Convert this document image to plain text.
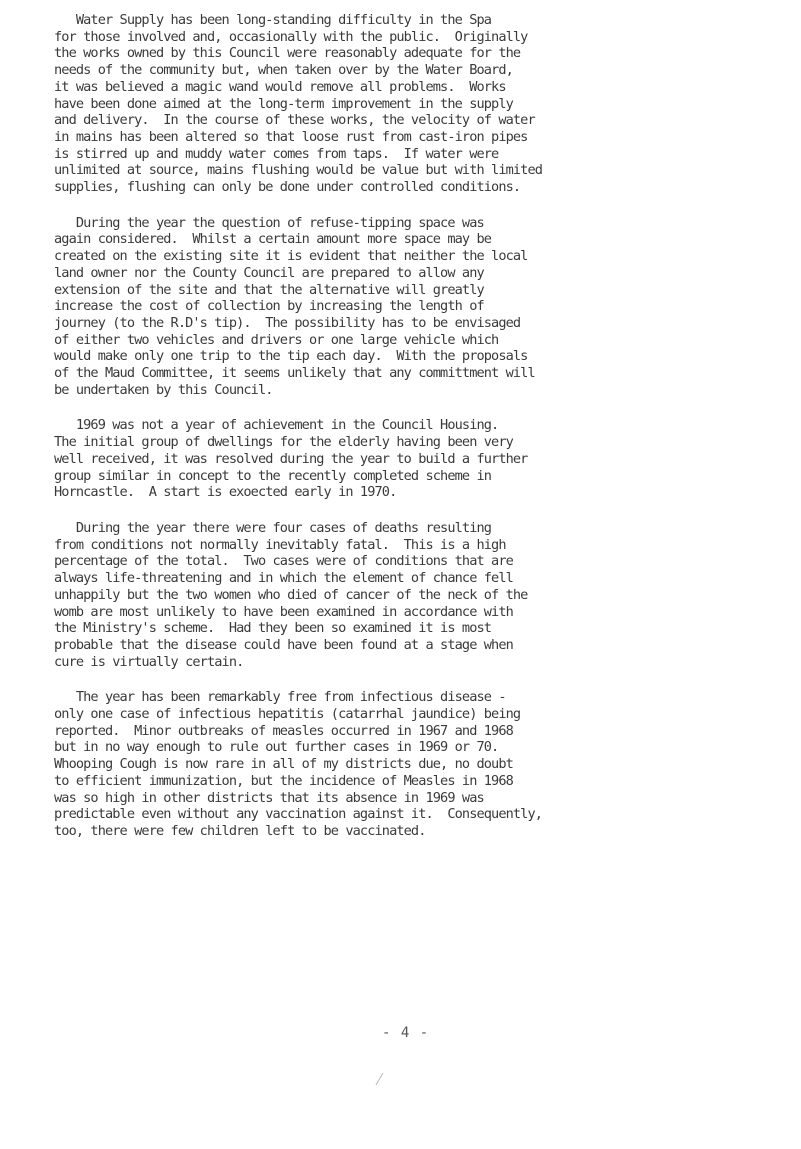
Water Supply has been long-standing difficulty in the Spa
for those involved and, occasionally with the public.  Originally
the works owned by this Council were reasonably adequate for the
needs of the community but, when taken over by the Water Board,
it was believed a magic wand would remove all problems.  Works
have been done aimed at the long-term improvement in the supply
and delivery.  In the course of these works, the velocity of water
in mains has been altered so that loose rust from cast-iron pipes
is stirred up and muddy water comes from taps.  If water were
unlimited at source, mains flushing would be value but with limited
supplies, flushing can only be done under controlled conditions.

During the year the question of refuse-tipping space was
again considered.  Whilst a certain amount more space may be
created on the existing site it is evident that neither the local
land owner nor the County Council are prepared to allow any
extension of the site and that the alternative will greatly
increase the cost of collection by increasing the length of
journey (to the R.D's tip).  The possibility has to be envisaged
of either two vehicles and drivers or one large vehicle which
would make only one trip to the tip each day.  With the proposals
of the Maud Committee, it seems unlikely that any committment will
be undertaken by this Council.

1969 was not a year of achievement in the Council Housing.
The initial group of dwellings for the elderly having been very
well received, it was resolved during the year to build a further
group similar in concept to the recently completed scheme in
Horncastle.  A start is exoected early in 1970.

During the year there were four cases of deaths resulting
from conditions not normally inevitably fatal.  This is a high
percentage of the total.  Two cases were of conditions that are
always life-threatening and in which the element of chance fell
unhappily but the two women who died of cancer of the neck of the
womb are most unlikely to have been examined in accordance with
the Ministry's scheme.  Had they been so examined it is most
probable that the disease could have been found at a stage when
cure is virtually certain.

The year has been remarkably free from infectious disease -
only one case of infectious hepatitis (catarrhal jaundice) being
reported.  Minor outbreaks of measles occurred in 1967 and 1968
but in no way enough to rule out further cases in 1969 or 70.
Whooping Cough is now rare in all of my districts due, no doubt
to efficient immunization, but the incidence of Measles in 1968
was so high in other districts that its absence in 1969 was
predictable even without any vaccination against it.  Consequently,
too, there were few children left to be vaccinated.

- 4 -
